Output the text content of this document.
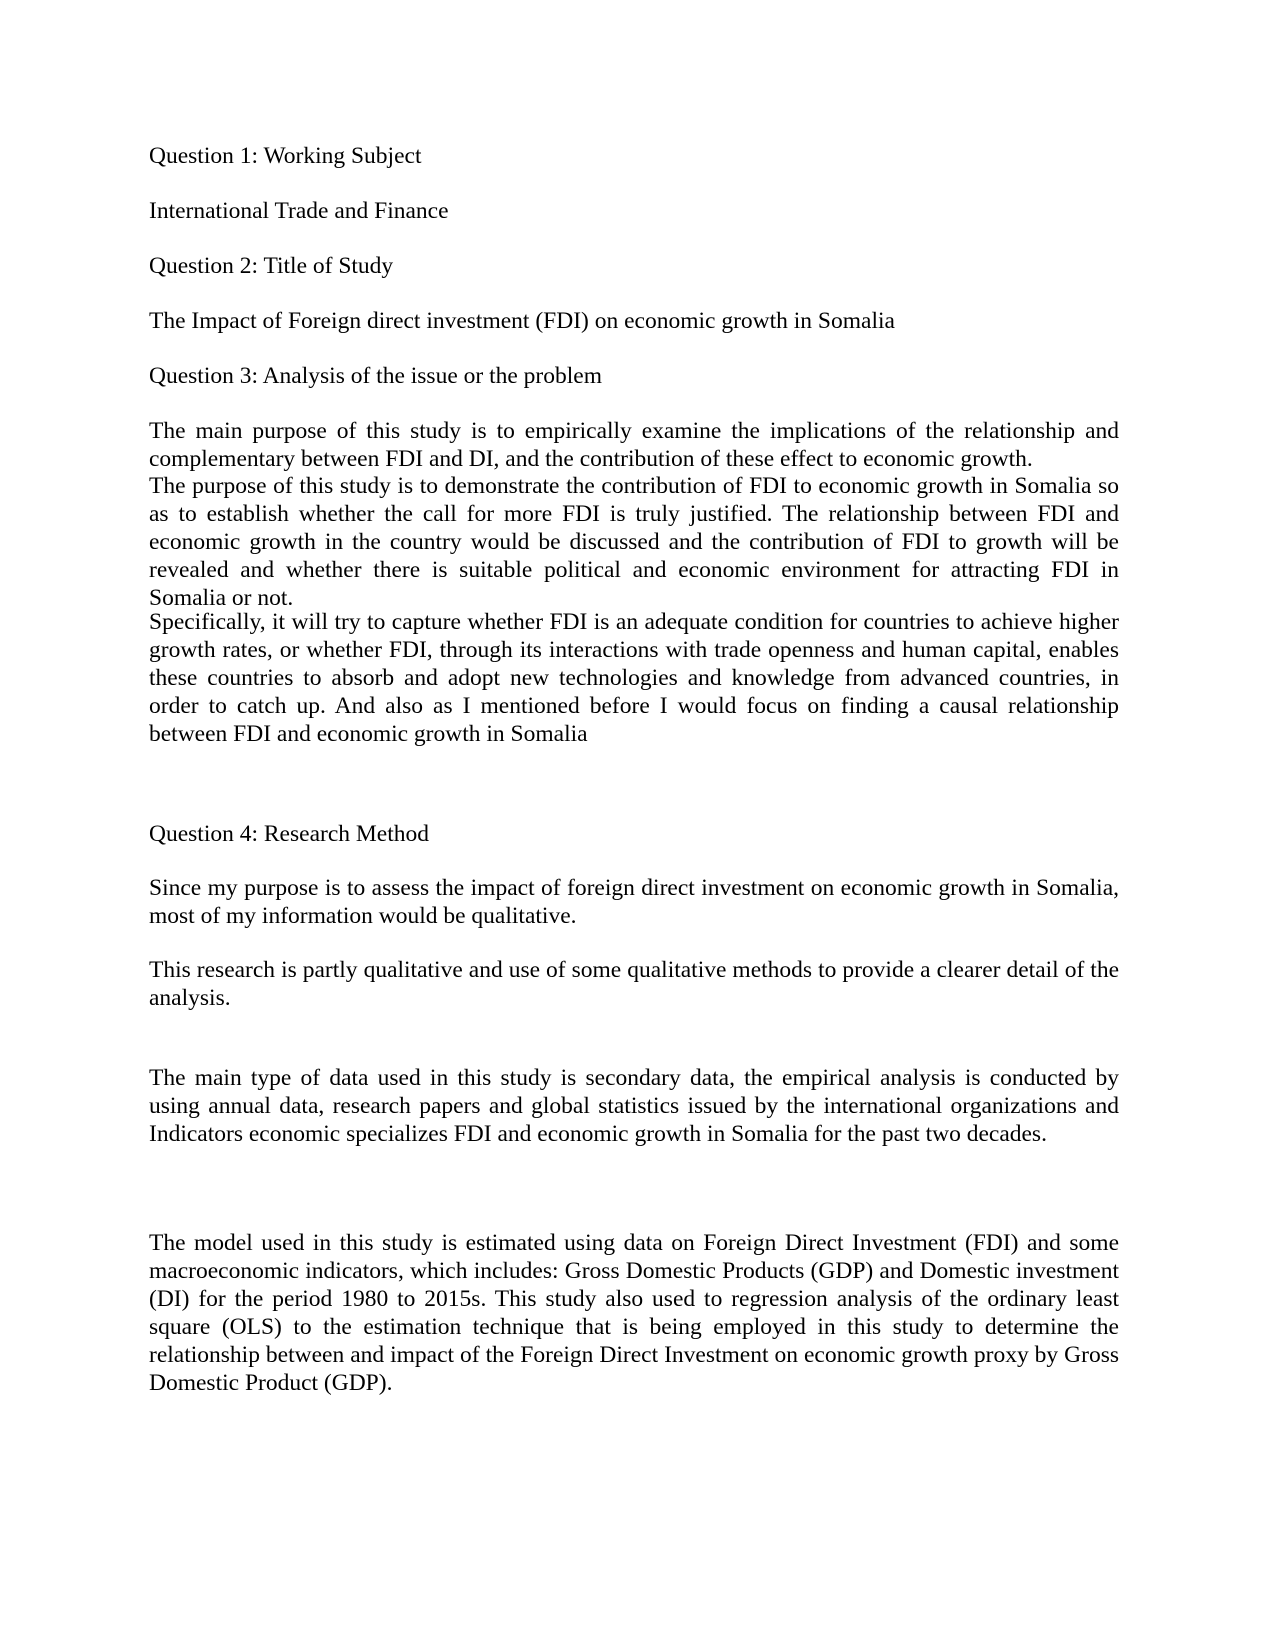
Question 1: Working Subject

International Trade and Finance

Question 2: Title of Study

The Impact of Foreign direct investment (FDI) on economic growth in Somalia

Question 3: Analysis of the issue or the problem

The main purpose of this study is to empirically examine the implications of the relationship and complementary between FDI and DI, and the contribution of these effect to economic growth.

The purpose of this study is to demonstrate the contribution of FDI to economic growth in Somalia so as to establish whether the call for more FDI is truly justified. The relationship between FDI and economic growth in the country would be discussed and the contribution of FDI to growth will be revealed and whether there is suitable political and economic environment for attracting FDI in Somalia or not.

Specifically, it will try to capture whether FDI is an adequate condition for countries to achieve higher growth rates, or whether FDI, through its interactions with trade openness and human capital, enables these countries to absorb and adopt new technologies and knowledge from advanced countries, in order to catch up. And also as I mentioned before I would focus on finding a causal relationship between FDI and economic growth in Somalia

Question 4: Research Method

Since my purpose is to assess the impact of foreign direct investment on economic growth in Somalia, most of my information would be qualitative.

This research is partly qualitative and use of some qualitative methods to provide a clearer detail of the analysis.

The main type of data used in this study is secondary data, the empirical analysis is conducted by using annual data, research papers and global statistics issued by the international organizations and Indicators economic specializes FDI and economic growth in Somalia for the past two decades.

The model used in this study is estimated using data on Foreign Direct Investment (FDI) and some macroeconomic indicators, which includes: Gross Domestic Products (GDP) and Domestic investment (DI) for the period 1980 to 2015s. This study also used to regression analysis of the ordinary least square (OLS) to the estimation technique that is being employed in this study to determine the relationship between and impact of the Foreign Direct Investment on economic growth proxy by Gross Domestic Product (GDP).
